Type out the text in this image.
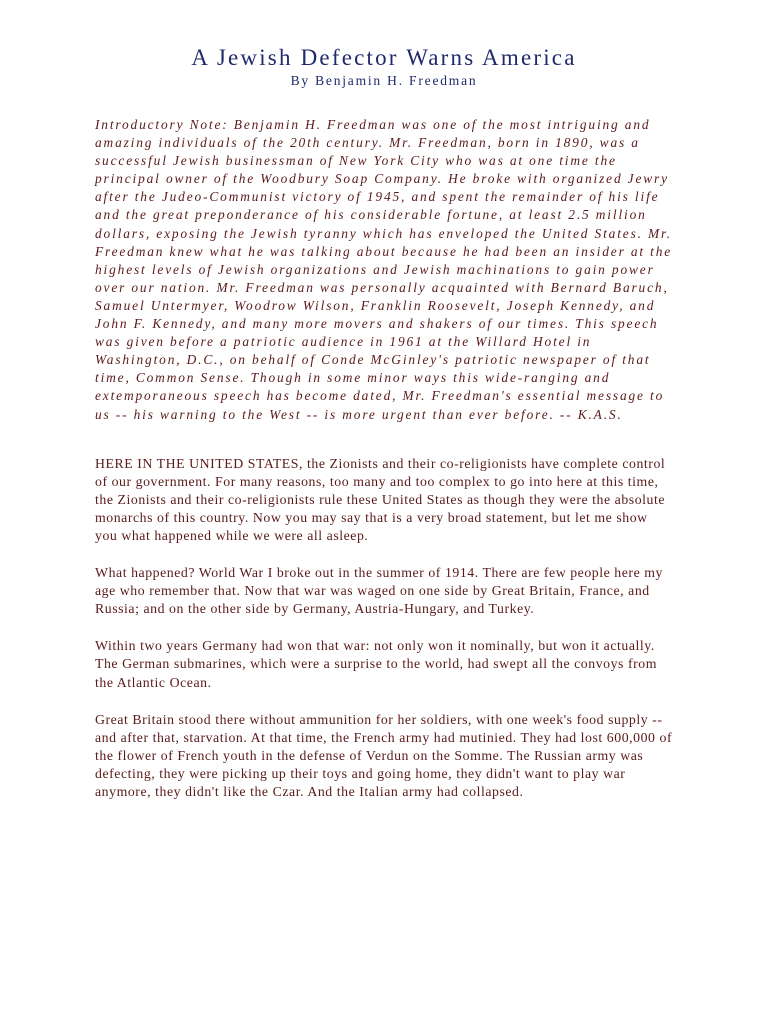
A Jewish Defector Warns America
By Benjamin H. Freedman

Introductory Note: Benjamin H. Freedman was one of the most intriguing and amazing individuals of the 20th century. Mr. Freedman, born in 1890, was a successful Jewish businessman of New York City who was at one time the principal owner of the Woodbury Soap Company. He broke with organized Jewry after the Judeo-Communist victory of 1945, and spent the remainder of his life and the great preponderance of his considerable fortune, at least 2.5 million dollars, exposing the Jewish tyranny which has enveloped the United States. Mr. Freedman knew what he was talking about because he had been an insider at the highest levels of Jewish organizations and Jewish machinations to gain power over our nation. Mr. Freedman was personally acquainted with Bernard Baruch, Samuel Untermyer, Woodrow Wilson, Franklin Roosevelt, Joseph Kennedy, and John F. Kennedy, and many more movers and shakers of our times. This speech was given before a patriotic audience in 1961 at the Willard Hotel in Washington, D.C., on behalf of Conde McGinley's patriotic newspaper of that time, Common Sense. Though in some minor ways this wide-ranging and extemporaneous speech has become dated, Mr. Freedman's essential message to us -- his warning to the West -- is more urgent than ever before. -- K.A.S.

HERE IN THE UNITED STATES, the Zionists and their co-religionists have complete control of our government. For many reasons, too many and too complex to go into here at this time, the Zionists and their co-religionists rule these United States as though they were the absolute monarchs of this country. Now you may say that is a very broad statement, but let me show you what happened while we were all asleep.

What happened? World War I broke out in the summer of 1914. There are few people here my age who remember that. Now that war was waged on one side by Great Britain, France, and Russia; and on the other side by Germany, Austria-Hungary, and Turkey.

Within two years Germany had won that war: not only won it nominally, but won it actually. The German submarines, which were a surprise to the world, had swept all the convoys from the Atlantic Ocean.

Great Britain stood there without ammunition for her soldiers, with one week's food supply -- and after that, starvation. At that time, the French army had mutinied. They had lost 600,000 of the flower of French youth in the defense of Verdun on the Somme. The Russian army was defecting, they were picking up their toys and going home, they didn't want to play war anymore, they didn't like the Czar. And the Italian army had collapsed.
